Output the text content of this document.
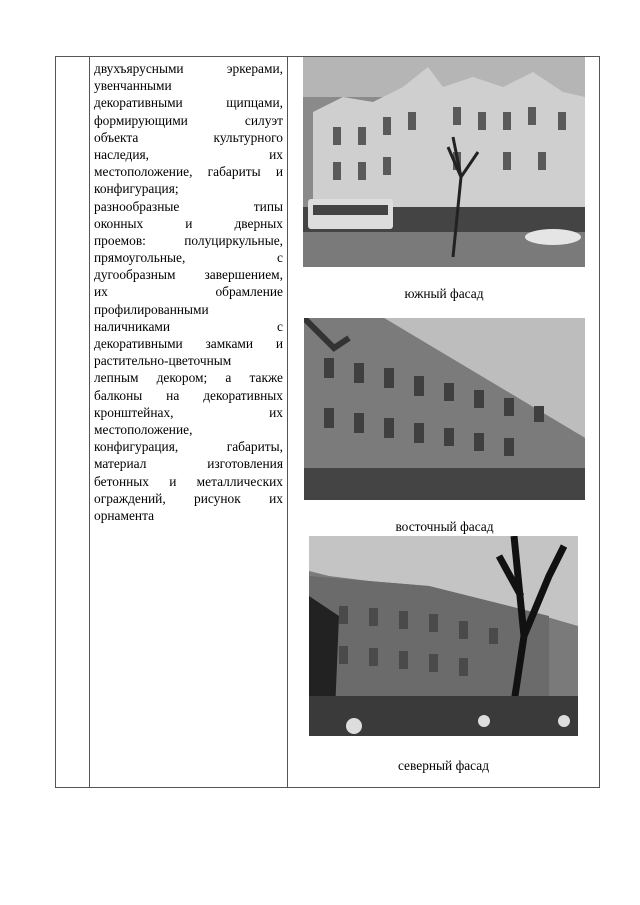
двухъярусными эркерами,
увенчанными
декоративными щипцами,
формирующими силуэт
объекта культурного
наследия, их
местоположение, габариты и
конфигурация;
разнообразные типы
оконных и дверных
проемов: полуциркульные,
прямоугольные, с
дугообразным завершением,
их обрамление
профилированными
наличниками с
декоративными замками и
растительно-цветочным
лепным декором; а также
балконы на декоративных
кронштейнах, их
местоположение,
конфигурация, габариты,
материал изготовления
бетонных и металлических
ограждений, рисунок их
орнамента
южный фасад
восточный фасад
северный фасад
